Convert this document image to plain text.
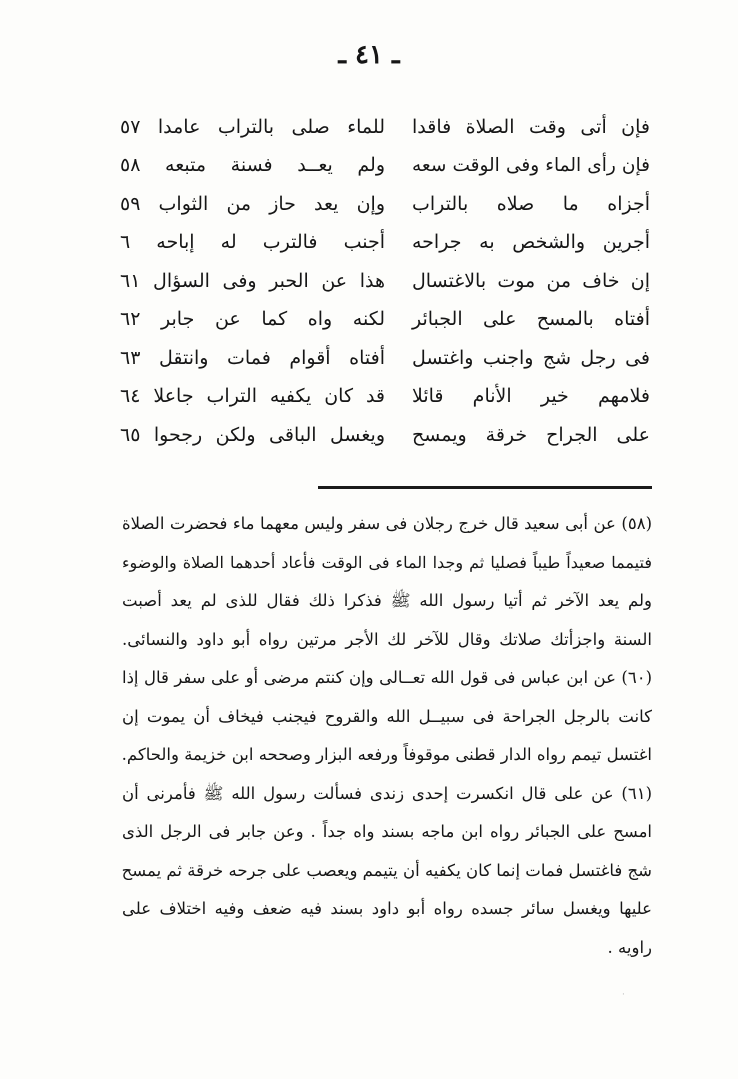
ـ ٤١ ـ
فإن أتى وقت الصلاة فاقدا
للماء صلى بالتراب عامدا ٥٧
فإن رأى الماء وفى الوقت سعه
ولم يعــد فسنة متبعه ٥٨
أجزاه ما صلاه بالتراب
وإن يعد حاز من الثواب ٥٩
أجرين والشخص به جراحه
أجنب فالترب له إباحه ٦
إن خاف من موت بالاغتسال
هذا عن الحبر وفى السؤال ٦١
أفتاه بالمسح على الجبائر
لكنه واه كما عن جابر ٦٢
فى رجل شج واجنب واغتسل
أفتاه أقوام فمات وانتقل ٦٣
فلامهم خير الأنام قائلا
قد كان يكفيه التراب جاعلا ٦٤
على الجراح خرقة ويمسح
ويغسل الباقى ولكن رجحوا ٦٥
(٥٨) عن أبى سعيد قال خرج رجلان فى سفر وليس معهما ماء فحضرت الصلاة
فتيمما صعيداً طيباً فصليا ثم وجدا الماء فى الوقت فأعاد أحدهما الصلاة والوضوء
ولم يعد الآخر ثم أتيا رسول الله ﷺ فذكرا ذلك فقال للذى لم يعد أصبت
السنة واجزأتك صلاتك وقال للآخر لك الأجر مرتين رواه أبو داود والنسائى.
(٦٠) عن ابن عباس فى قول الله تعــالى وإن كنتم مرضى أو على سفر قال إذا
كانت بالرجل الجراحة فى سبيــل الله والقروح فيجنب فيخاف أن يموت إن
اغتسل تيمم رواه الدار قطنى موقوفاً ورفعه البزار وصححه ابن خزيمة والحاكم.
(٦١) عن على قال انكسرت إحدى زندى فسألت رسول الله ﷺ فأمرنى أن
امسح على الجبائر رواه ابن ماجه بسند واه جداً . وعن جابر فى الرجل الذى
شج فاغتسل فمات إنما كان يكفيه أن يتيمم ويعصب على جرحه خرقة ثم يمسح
عليها ويغسل سائر جسده رواه أبو داود بسند فيه ضعف وفيه اختلاف على
راويه .
·
